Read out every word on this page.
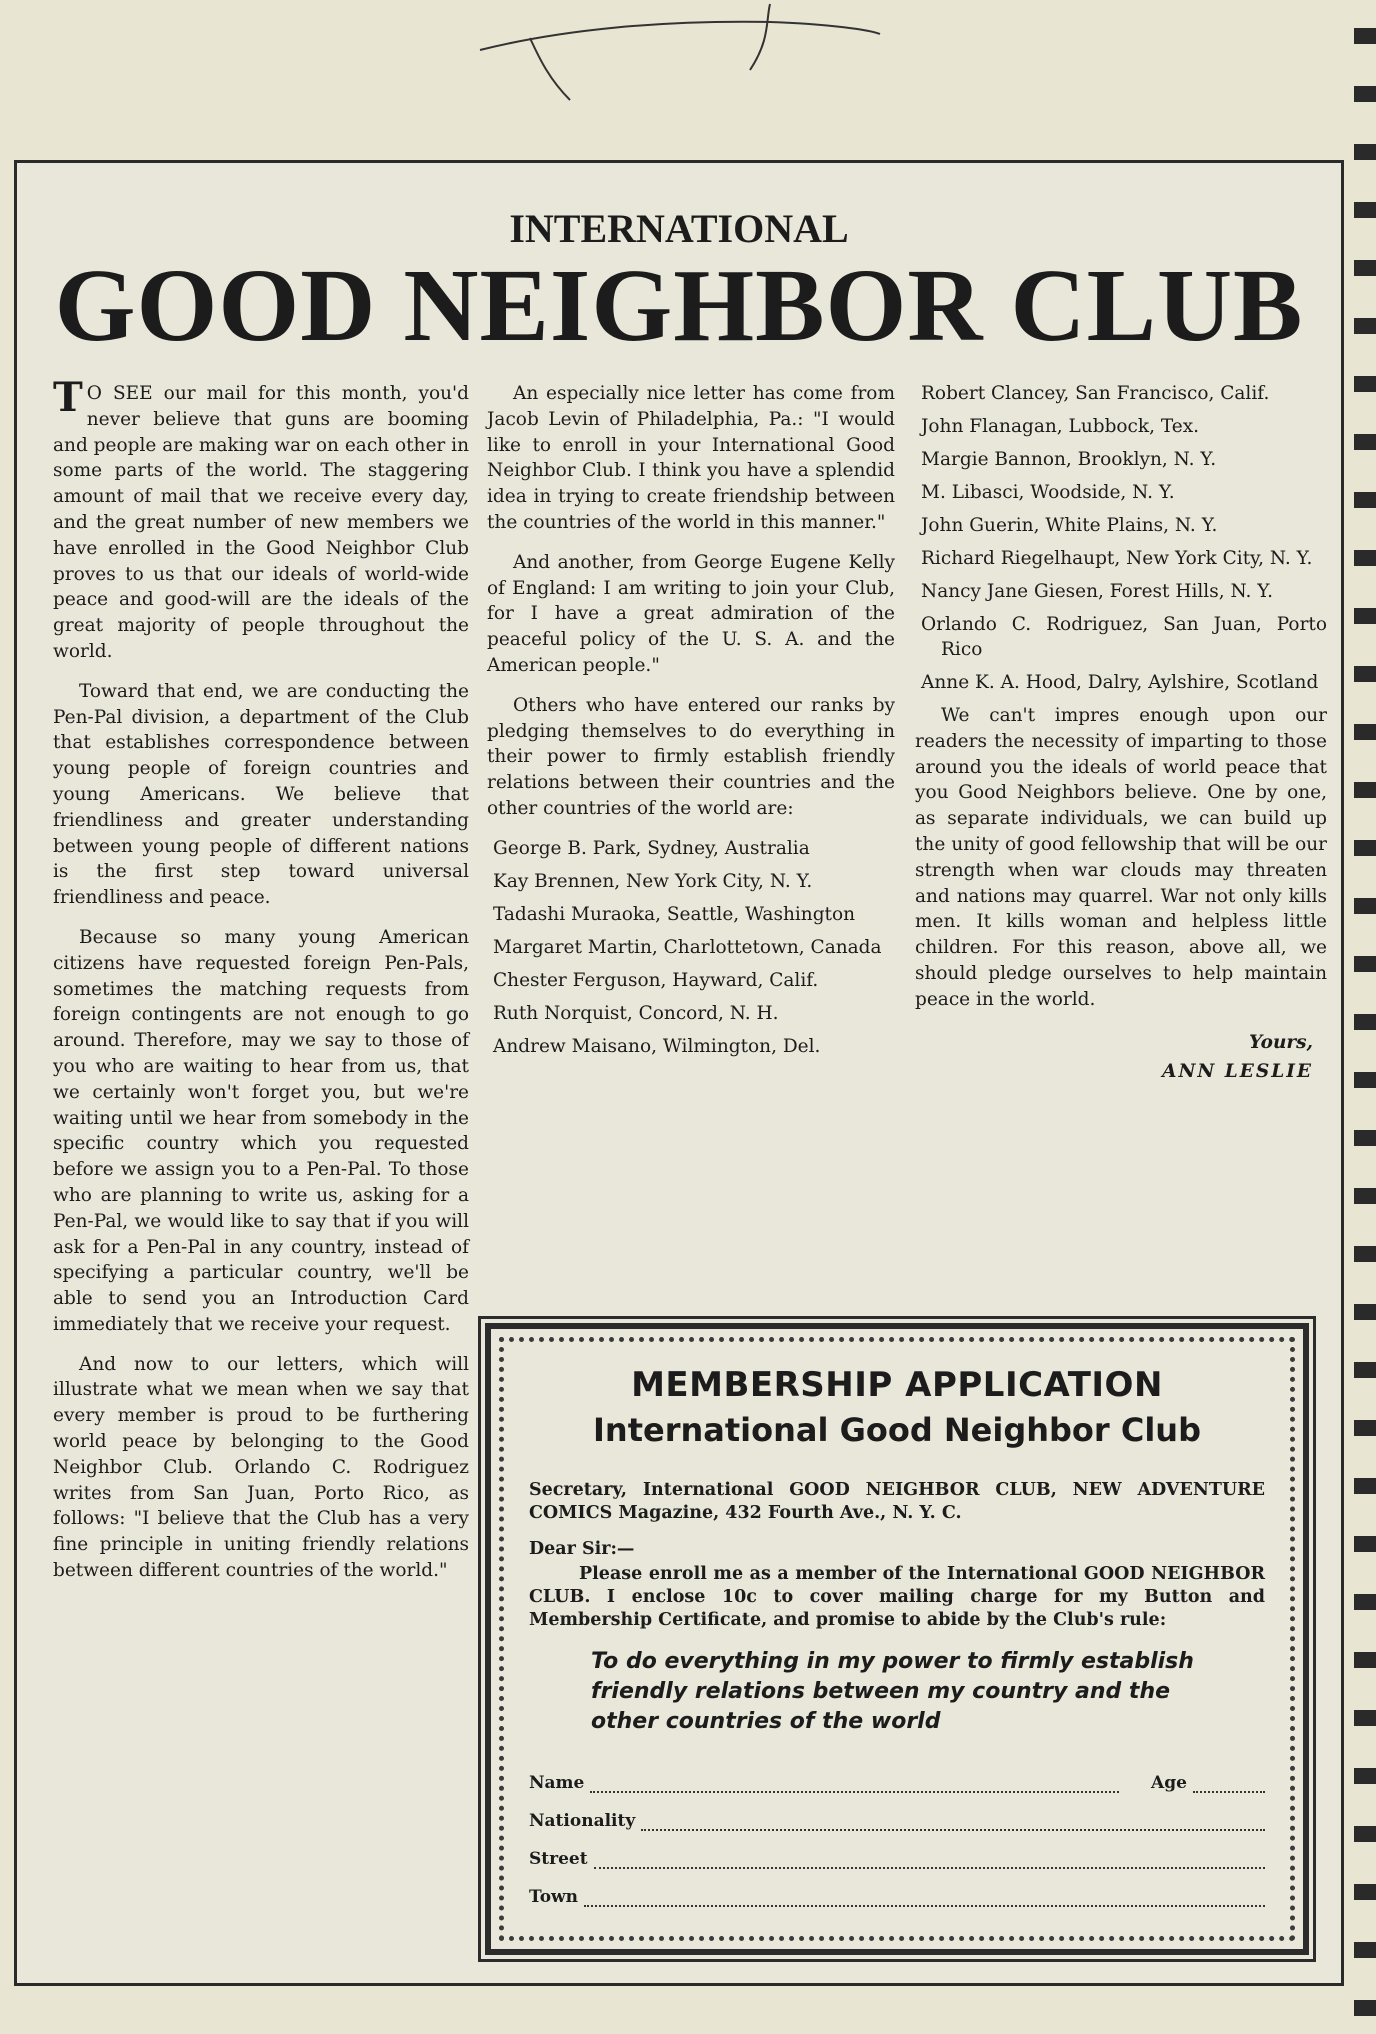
INTERNATIONAL
GOOD NEIGHBOR CLUB

TO SEE our mail for this month, you'd never believe that guns are booming and people are making war on each other in some parts of the world. The staggering amount of mail that we receive every day, and the great number of new members we have enrolled in the Good Neighbor Club proves to us that our ideals of world-wide peace and good-will are the ideals of the great majority of people throughout the world.

Toward that end, we are conducting the Pen-Pal division, a department of the Club that establishes correspondence between young people of foreign countries and young Americans. We believe that friendliness and greater understanding between young people of different nations is the first step toward universal friendliness and peace.

Because so many young American citizens have requested foreign Pen-Pals, sometimes the matching requests from foreign contingents are not enough to go around. Therefore, may we say to those of you who are waiting to hear from us, that we certainly won't forget you, but we're waiting until we hear from somebody in the specific country which you requested before we assign you to a Pen-Pal. To those who are planning to write us, asking for a Pen-Pal, we would like to say that if you will ask for a Pen-Pal in any country, instead of specifying a particular country, we'll be able to send you an Introduction Card immediately that we receive your request.

And now to our letters, which will illustrate what we mean when we say that every member is proud to be furthering world peace by belonging to the Good Neighbor Club. Orlando C. Rodriguez writes from San Juan, Porto Rico, as follows: "I believe that the Club has a very fine principle in uniting friendly relations between different countries of the world."

An especially nice letter has come from Jacob Levin of Philadelphia, Pa.: "I would like to enroll in your International Good Neighbor Club. I think you have a splendid idea in trying to create friendship between the countries of the world in this manner."

And another, from George Eugene Kelly of England: I am writing to join your Club, for I have a great admiration of the peaceful policy of the U. S. A. and the American people."

Others who have entered our ranks by pledging themselves to do everything in their power to firmly establish friendly relations between their countries and the other countries of the world are:

George B. Park, Sydney, Australia
Kay Brennen, New York City, N. Y.
Tadashi Muraoka, Seattle, Washington
Margaret Martin, Charlottetown, Canada
Chester Ferguson, Hayward, Calif.
Ruth Norquist, Concord, N. H.
Andrew Maisano, Wilmington, Del.
Robert Clancey, San Francisco, Calif.
John Flanagan, Lubbock, Tex.
Margie Bannon, Brooklyn, N. Y.
M. Libasci, Woodside, N. Y.
John Guerin, White Plains, N. Y.
Richard Riegelhaupt, New York City, N. Y.
Nancy Jane Giesen, Forest Hills, N. Y.
Orlando C. Rodriguez, San Juan, Porto Rico
Anne K. A. Hood, Dalry, Aylshire, Scotland

We can't impres enough upon our readers the necessity of imparting to those around you the ideals of world peace that you Good Neighbors believe. One by one, as separate individuals, we can build up the unity of good fellowship that will be our strength when war clouds may threaten and nations may quarrel. War not only kills men. It kills woman and helpless little children. For this reason, above all, we should pledge ourselves to help maintain peace in the world.

Yours,
ANN LESLIE
MEMBERSHIP APPLICATION
International Good Neighbor Club
Secretary, International GOOD NEIGHBOR CLUB, NEW ADVENTURE COMICS Magazine, 432 Fourth Ave., N. Y. C.
Dear Sir:—
Please enroll me as a member of the International GOOD NEIGHBOR CLUB. I enclose 10c to cover mailing charge for my Button and Membership Certificate, and promise to abide by the Club's rule:
To do everything in my power to firmly establish friendly relations between my country and the other countries of the world
Name	Age
Nationality
Street
Town
